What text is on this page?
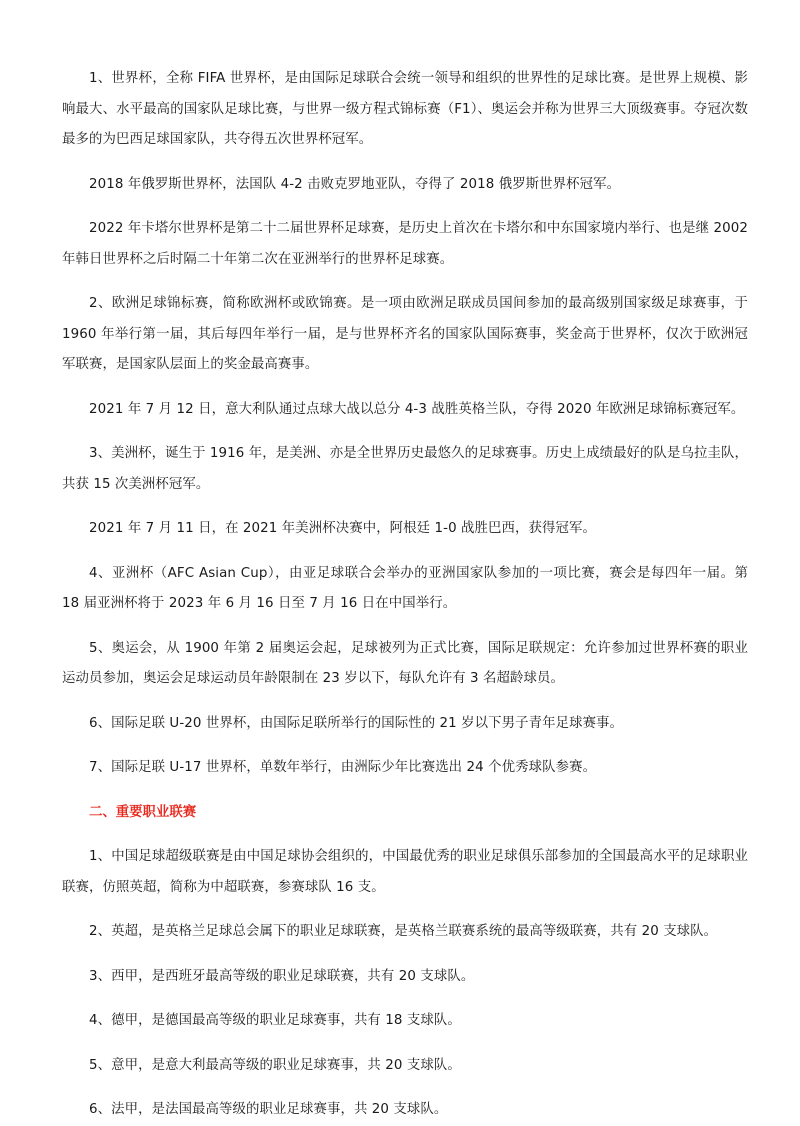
1、世界杯，全称 FIFA 世界杯，是由国际足球联合会统一领导和组织的世界性的足球比赛。是世界上规模、影响最大、水平最高的国家队足球比赛，与世界一级方程式锦标赛（F1）、奥运会并称为世界三大顶级赛事。夺冠次数最多的为巴西足球国家队，共夺得五次世界杯冠军。

2018 年俄罗斯世界杯，法国队 4-2 击败克罗地亚队，夺得了 2018 俄罗斯世界杯冠军。

2022 年卡塔尔世界杯是第二十二届世界杯足球赛，是历史上首次在卡塔尔和中东国家境内举行、也是继 2002 年韩日世界杯之后时隔二十年第二次在亚洲举行的世界杯足球赛。

2、欧洲足球锦标赛，简称欧洲杯或欧锦赛。是一项由欧洲足联成员国间参加的最高级别国家级足球赛事，于 1960 年举行第一届，其后每四年举行一届，是与世界杯齐名的国家队国际赛事，奖金高于世界杯，仅次于欧洲冠军联赛，是国家队层面上的奖金最高赛事。

2021 年 7 月 12 日，意大利队通过点球大战以总分 4-3 战胜英格兰队，夺得 2020 年欧洲足球锦标赛冠军。

3、美洲杯，诞生于 1916 年，是美洲、亦是全世界历史最悠久的足球赛事。历史上成绩最好的队是乌拉圭队，共获 15 次美洲杯冠军。

2021 年 7 月 11 日，在 2021 年美洲杯决赛中，阿根廷 1-0 战胜巴西，获得冠军。

4、亚洲杯（AFC Asian Cup），由亚足球联合会举办的亚洲国家队参加的一项比赛，赛会是每四年一届。第 18 届亚洲杯将于 2023 年 6 月 16 日至 7 月 16 日在中国举行。

5、奥运会，从 1900 年第 2 届奥运会起，足球被列为正式比赛，国际足联规定：允许参加过世界杯赛的职业运动员参加，奥运会足球运动员年龄限制在 23 岁以下，每队允许有 3 名超龄球员。

6、国际足联 U-20 世界杯，由国际足联所举行的国际性的 21 岁以下男子青年足球赛事。

7、国际足联 U-17 世界杯，单数年举行，由洲际少年比赛选出 24 个优秀球队参赛。

二、重要职业联赛

1、中国足球超级联赛是由中国足球协会组织的，中国最优秀的职业足球俱乐部参加的全国最高水平的足球职业联赛，仿照英超，简称为中超联赛，参赛球队 16 支。

2、英超，是英格兰足球总会属下的职业足球联赛，是英格兰联赛系统的最高等级联赛，共有 20 支球队。

3、西甲，是西班牙最高等级的职业足球联赛，共有 20 支球队。

4、德甲，是德国最高等级的职业足球赛事，共有 18 支球队。

5、意甲，是意大利最高等级的职业足球赛事，共 20 支球队。

6、法甲，是法国最高等级的职业足球赛事，共 20 支球队。
